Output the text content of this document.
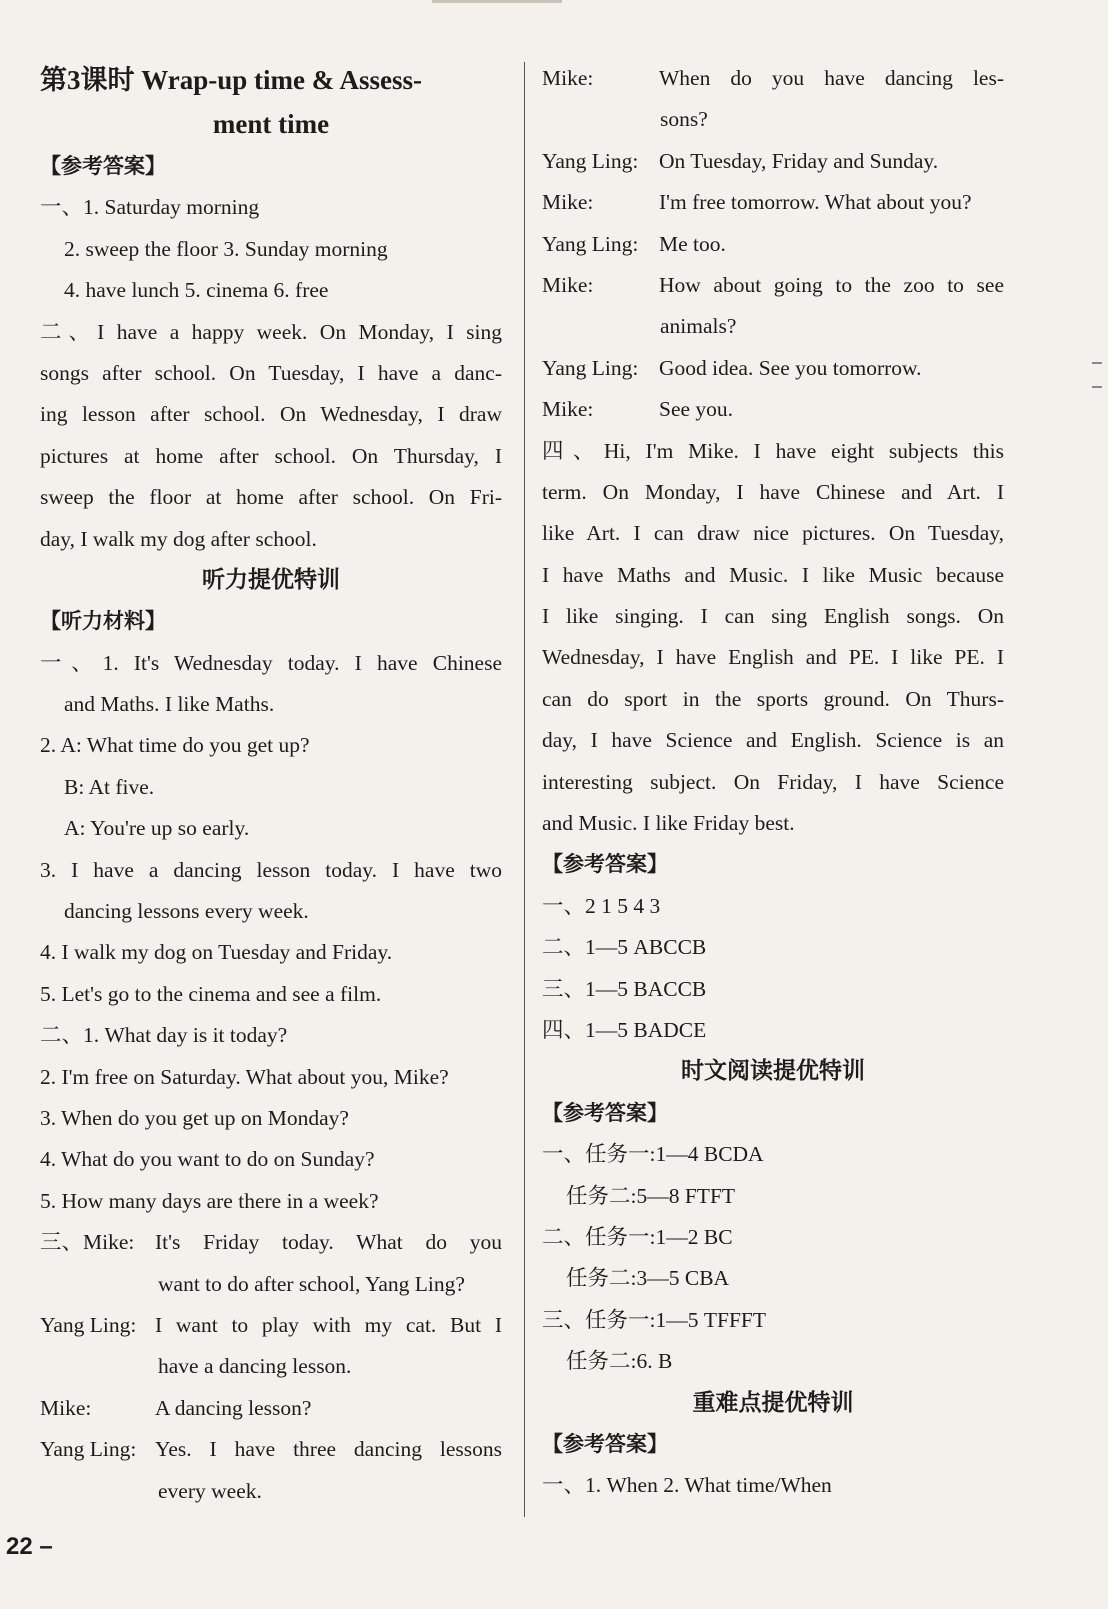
第3课时 Wrap-up time & Assess-
ment time
【参考答案】
一、1. Saturday morning
2. sweep the floor 3. Sunday morning
4. have lunch 5. cinema 6. free
二、I have a happy week. On Monday, I sing
songs after school. On Tuesday, I have a danc-
ing lesson after school. On Wednesday, I draw
pictures at home after school. On Thursday, I
sweep the floor at home after school. On Fri-
day, I walk my dog after school.
听力提优特训
【听力材料】
一、1. It's Wednesday today. I have Chinese
and Maths. I like Maths.
2. A: What time do you get up?
B: At five.
A: You're up so early.
3. I have a dancing lesson today. I have two
dancing lessons every week.
4. I walk my dog on Tuesday and Friday.
5. Let's go to the cinema and see a film.
二、1. What day is it today?
2. I'm free on Saturday. What about you, Mike?
3. When do you get up on Monday?
4. What do you want to do on Sunday?
5. How many days are there in a week?
三、Mike: It's Friday today. What do you
want to do after school, Yang Ling?
Yang Ling: I want to play with my cat. But I
have a dancing lesson.
Mike:	A dancing lesson?
Yang Ling: Yes. I have three dancing lessons
every week.
Mike:	When do you have dancing les-
sons?
Yang Ling: On Tuesday, Friday and Sunday.
Mike:	I'm free tomorrow. What about you?
Yang Ling: Me too.
Mike:	How about going to the zoo to see
animals?
Yang Ling: Good idea. See you tomorrow.
Mike:	See you.
四、Hi, I'm Mike. I have eight subjects this
term. On Monday, I have Chinese and Art. I
like Art. I can draw nice pictures. On Tuesday,
I have Maths and Music. I like Music because
I like singing. I can sing English songs. On
Wednesday, I have English and PE. I like PE. I
can do sport in the sports ground. On Thurs-
day, I have Science and English. Science is an
interesting subject. On Friday, I have Science
and Music. I like Friday best.
【参考答案】
一、2 1 5 4 3
二、1—5 ABCCB
三、1—5 BACCB
四、1—5 BADCE
时文阅读提优特训
【参考答案】
一、任务一:1—4 BCDA
任务二:5—8 FTFT
二、任务一:1—2 BC
任务二:3—5 CBA
三、任务一:1—5 TFFFT
任务二:6. B
重难点提优特训
【参考答案】
一、1. When 2. What time/When
22 –
